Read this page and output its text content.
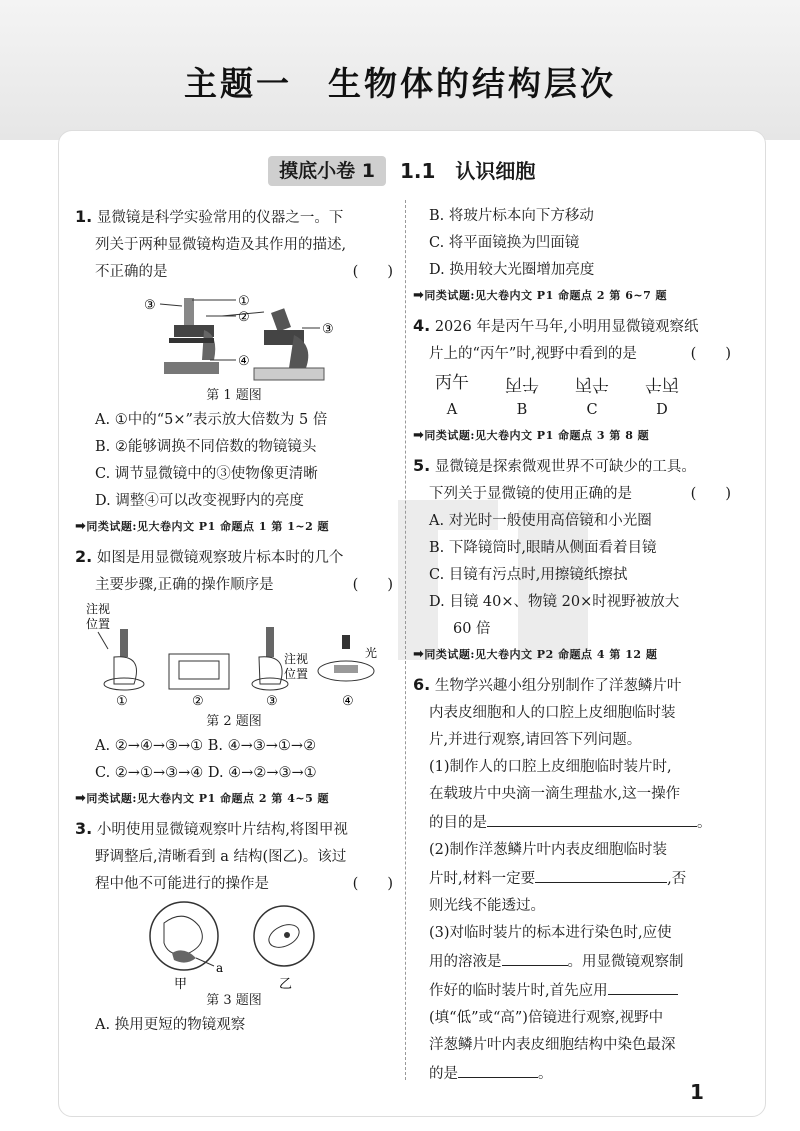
主题一　生物体的结构层次
摸底小卷 1	1.1　认识细胞
1. 显微镜是科学实验常用的仪器之一。下
列关于两种显微镜构造及其作用的描述,
不正确的是	(　　)
①
②
③
④
③
第 1 题图
A. ①中的“5×”表示放大倍数为 5 倍
B. ②能够调换不同倍数的物镜镜头
C. 调节显微镜中的③使物像更清晰
D. 调整④可以改变视野内的亮度
➡同类试题:见大卷内文 P1 命题点 1 第 1~2 题
2. 如图是用显微镜观察玻片标本时的几个
主要步骤,正确的操作顺序是	(　　)
注视
位置
①	②
注视
位置
③
光
④
第 2 题图
A. ②→④→③→① B. ④→③→①→②
C. ②→①→③→④ D. ④→②→③→①
➡同类试题:见大卷内文 P1 命题点 2 第 4~5 题
3. 小明使用显微镜观察叶片结构,将图甲视
野调整后,清晰看到 a 结构(图乙)。该过
程中他不可能进行的操作是	(　　)
a
甲	乙
第 3 题图
A. 换用更短的物镜观察
B. 将玻片标本向下方移动
C. 将平面镜换为凹面镜
D. 换用较大光圈增加亮度
➡同类试题:见大卷内文 P1 命题点 2 第 6~7 题
4. 2026 年是丙午马年,小明用显微镜观察纸
片上的“丙午”时,视野中看到的是	(　　)
丙午
A
午丙
B
丙午
C
午丙
D
➡同类试题:见大卷内文 P1 命题点 3 第 8 题
5. 显微镜是探索微观世界不可缺少的工具。
下列关于显微镜的使用正确的是	(　　)
A. 对光时一般使用高倍镜和小光圈
B. 下降镜筒时,眼睛从侧面看着目镜
C. 目镜有污点时,用擦镜纸擦拭
D. 目镜 40×、物镜 20×时视野被放大
60 倍
➡同类试题:见大卷内文 P2 命题点 4 第 12 题
6. 生物学兴趣小组分别制作了洋葱鳞片叶
内表皮细胞和人的口腔上皮细胞临时装
片,并进行观察,请回答下列问题。
(1)制作人的口腔上皮细胞临时装片时,
在载玻片中央滴一滴生理盐水,这一操作
的目的是	。
(2)制作洋葱鳞片叶内表皮细胞临时装
片时,材料一定要	,否
则光线不能透过。
(3)对临时装片的标本进行染色时,应使
用的溶液是	。用显微镜观察制
作好的临时装片时,首先应用
(填“低”或“高”)倍镜进行观察,视野中
洋葱鳞片叶内表皮细胞结构中染色最深
的是	。
1
